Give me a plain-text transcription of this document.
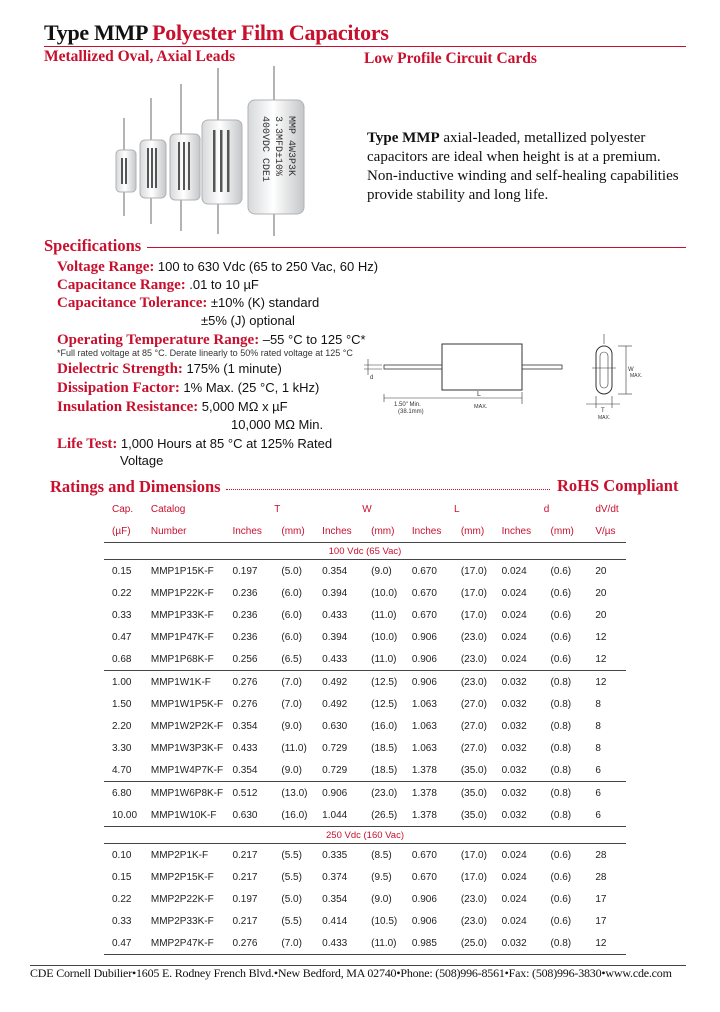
Type MMP Polyester Film Capacitors
Metallized Oval, Axial Leads	Low Profile Circuit Cards
MMP 4W3P3K
3.3MFD±10%
400VDC CDE1	Type MMP axial-leaded, metallized polyester capacitors are ideal when height is at a premium. Non-inductive winding and self-healing capabilities provide stability and long life.
Specifications
Voltage Range: 100 to 630 Vdc (65 to 250 Vac, 60 Hz)
Capacitance Range: .01 to 10 µF
Capacitance Tolerance: ±10% (K) standard
±5% (J) optional
Operating Temperature Range: –55 °C to 125 °C*
*Full rated voltage at 85 °C. Derate linearly to 50% rated voltage at 125 °C
Dielectric Strength: 175% (1 minute)
Dissipation Factor: 1% Max. (25 °C, 1 kHz)
Insulation Resistance: 5,000 MΩ x µF
10,000 MΩ Min.
Life Test: 1,000 Hours at 85 °C at 125% Rated
Voltage
d
1.50" Min.
(38.1mm)
L
MAX.
W
MAX.
T
MAX.
Ratings and Dimensions	RoHS Compliant
Cap.	Catalog	T		W		L		d		dV/dt
(µF)	Number	Inches	(mm)	Inches	(mm)	Inches	(mm)	Inches	(mm)	V/µs
100 Vdc (65 Vac)										
0.15	MMP1P15K-F	0.197	(5.0)	0.354	(9.0)	0.670	(17.0)	0.024	(0.6)	20
0.22	MMP1P22K-F	0.236	(6.0)	0.394	(10.0)	0.670	(17.0)	0.024	(0.6)	20
0.33	MMP1P33K-F	0.236	(6.0)	0.433	(11.0)	0.670	(17.0)	0.024	(0.6)	20
0.47	MMP1P47K-F	0.236	(6.0)	0.394	(10.0)	0.906	(23.0)	0.024	(0.6)	12
0.68	MMP1P68K-F	0.256	(6.5)	0.433	(11.0)	0.906	(23.0)	0.024	(0.6)	12
1.00	MMP1W1K-F	0.276	(7.0)	0.492	(12.5)	0.906	(23.0)	0.032	(0.8)	12
1.50	MMP1W1P5K-F	0.276	(7.0)	0.492	(12.5)	1.063	(27.0)	0.032	(0.8)	8
2.20	MMP1W2P2K-F	0.354	(9.0)	0.630	(16.0)	1.063	(27.0)	0.032	(0.8)	8
3.30	MMP1W3P3K-F	0.433	(11.0)	0.729	(18.5)	1.063	(27.0)	0.032	(0.8)	8
4.70	MMP1W4P7K-F	0.354	(9.0)	0.729	(18.5)	1.378	(35.0)	0.032	(0.8)	6
6.80	MMP1W6P8K-F	0.512	(13.0)	0.906	(23.0)	1.378	(35.0)	0.032	(0.8)	6
10.00	MMP1W10K-F	0.630	(16.0)	1.044	(26.5)	1.378	(35.0)	0.032	(0.8)	6
250 Vdc (160 Vac)										
0.10	MMP2P1K-F	0.217	(5.5)	0.335	(8.5)	0.670	(17.0)	0.024	(0.6)	28
0.15	MMP2P15K-F	0.217	(5.5)	0.374	(9.5)	0.670	(17.0)	0.024	(0.6)	28
0.22	MMP2P22K-F	0.197	(5.0)	0.354	(9.0)	0.906	(23.0)	0.024	(0.6)	17
0.33	MMP2P33K-F	0.217	(5.5)	0.414	(10.5)	0.906	(23.0)	0.024	(0.6)	17
0.47	MMP2P47K-F	0.276	(7.0)	0.433	(11.0)	0.985	(25.0)	0.032	(0.8)	12
CDE Cornell Dubilier•1605 E. Rodney French Blvd.•New Bedford, MA 02740•Phone: (508)996-8561•Fax: (508)996-3830•www.cde.com
